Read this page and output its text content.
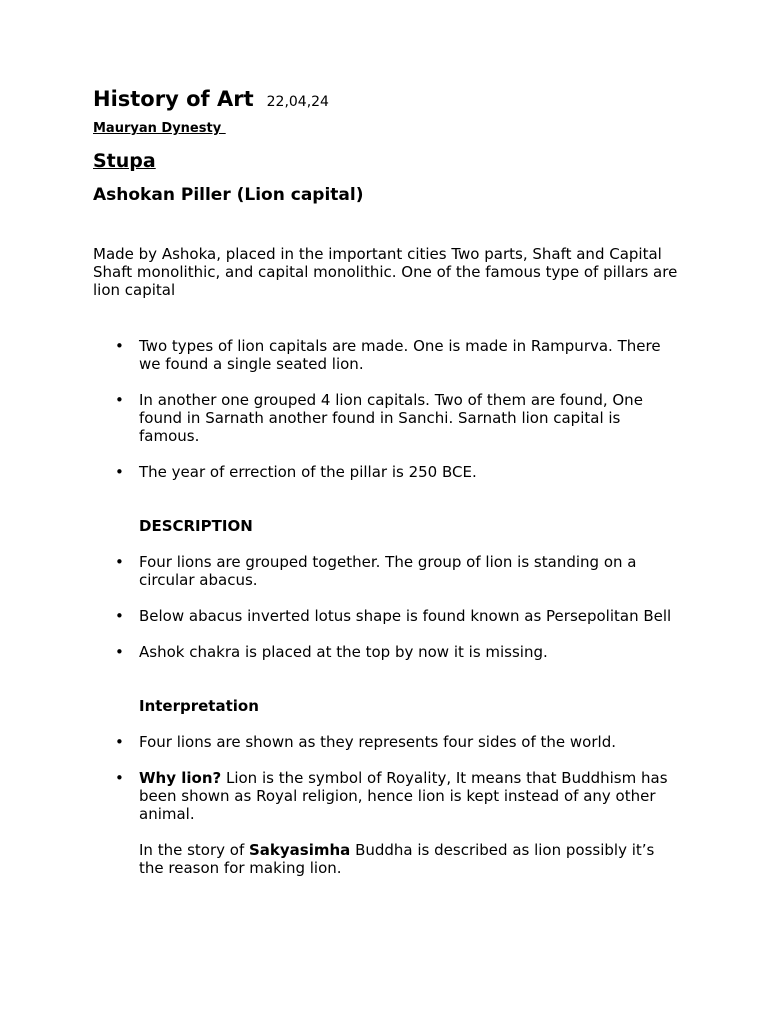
History of Art 22,04,24

Mauryan Dynesty

Stupa

Ashokan Piller (Lion capital)

Made by Ashoka, placed in the important cities Two parts, Shaft and Capital Shaft monolithic, and capital monolithic. One of the famous type of pillars are lion capital

• Two types of lion capitals are made. One is made in Rampurva. There we found a single seated lion.
• In another one grouped 4 lion capitals. Two of them are found, One found in Sarnath another found in Sanchi. Sarnath lion capital is famous.
• The year of errection of the pillar is 250 BCE.

DESCRIPTION

• Four lions are grouped together. The group of lion is standing on a circular abacus.
• Below abacus inverted lotus shape is found known as Persepolitan Bell
• Ashok chakra is placed at the top by now it is missing.

Interpretation

• Four lions are shown as they represents four sides of the world.
• Why lion? Lion is the symbol of Royality, It means that Buddhism has been shown as Royal religion, hence lion is kept instead of any other animal.
In the story of Sakyasimha Buddha is described as lion possibly it’s the reason for making lion.
